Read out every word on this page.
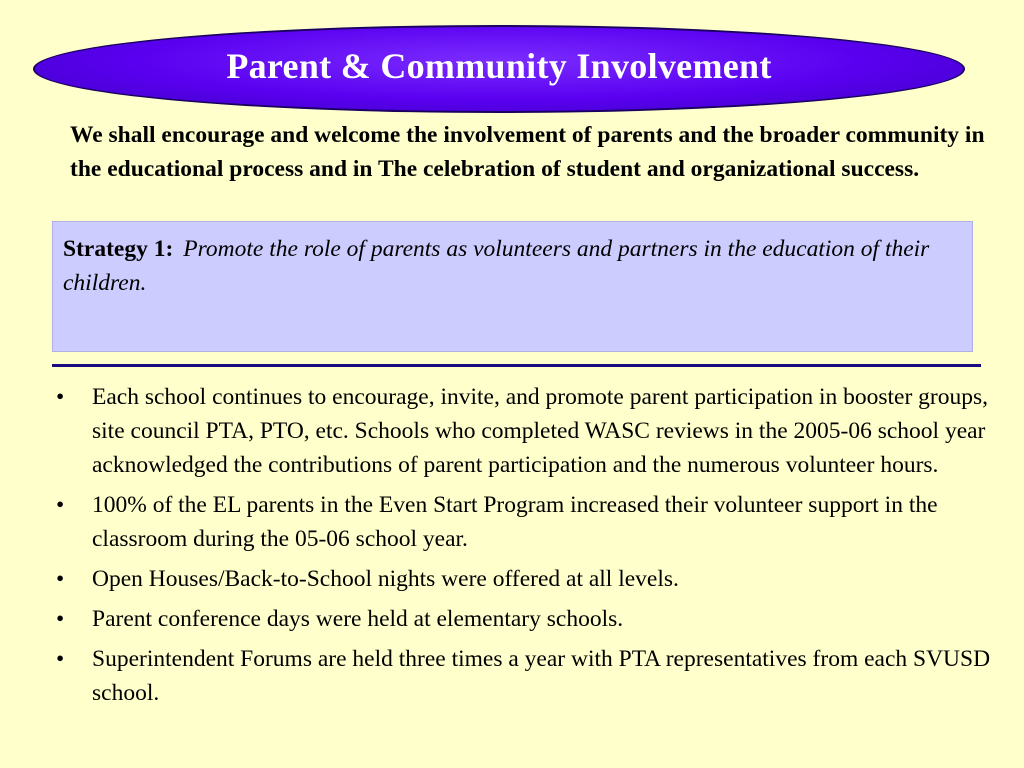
Parent & Community Involvement
We shall encourage and welcome the involvement of parents and the broader community in the educational process and in The celebration of student and organizational success.
Strategy 1: Promote the role of parents as volunteers and partners in the education of their children.
• Each school continues to encourage, invite, and promote parent participation in booster groups, site council PTA, PTO, etc. Schools who completed WASC reviews in the 2005-06 school year acknowledged the contributions of parent participation and the numerous volunteer hours.
• 100% of the EL parents in the Even Start Program increased their volunteer support in the classroom during the 05-06 school year.
• Open Houses/Back-to-School nights were offered at all levels.
• Parent conference days were held at elementary schools.
• Superintendent Forums are held three times a year with PTA representatives from each SVUSD school.
